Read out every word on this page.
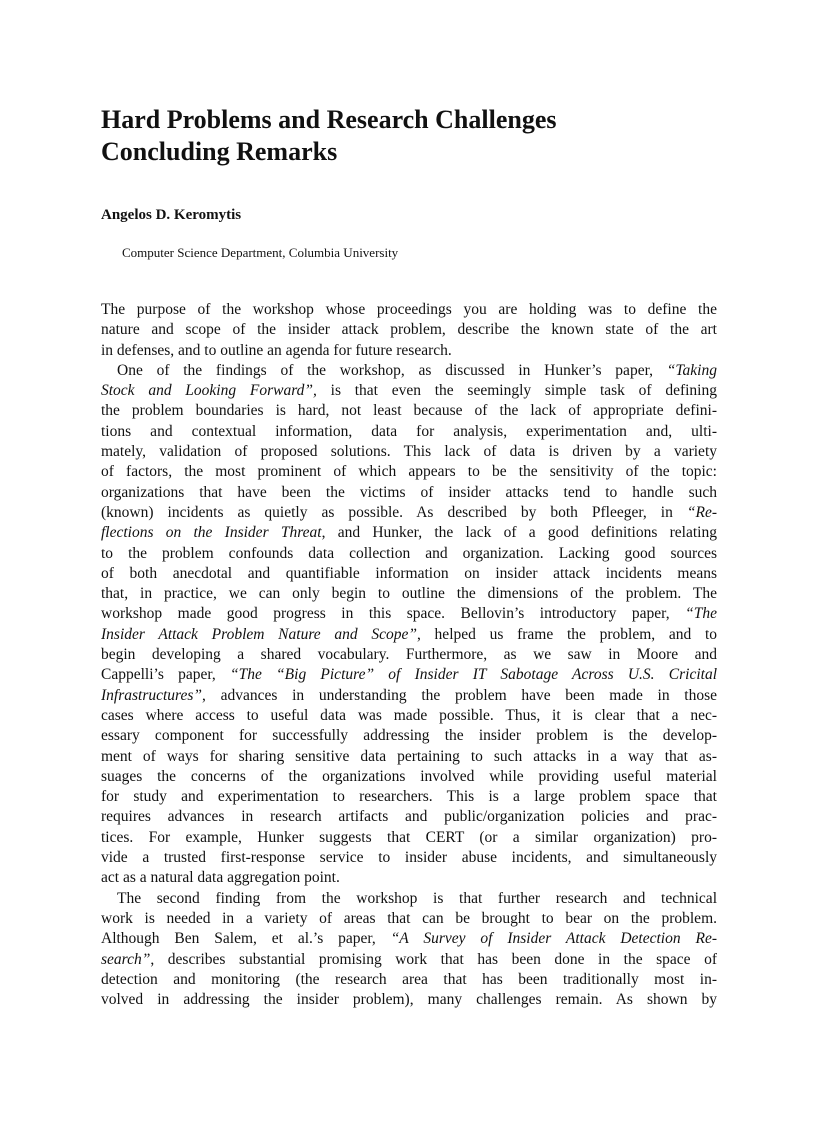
Hard Problems and Research Challenges
Concluding Remarks
Angelos D. Keromytis
Computer Science Department, Columbia University
The purpose of the workshop whose proceedings you are holding was to define the
nature and scope of the insider attack problem, describe the known state of the art
in defenses, and to outline an agenda for future research.
One of the findings of the workshop, as discussed in Hunker’s paper, “Taking
Stock and Looking Forward”, is that even the seemingly simple task of defining
the problem boundaries is hard, not least because of the lack of appropriate defini-
tions and contextual information, data for analysis, experimentation and, ulti-
mately, validation of proposed solutions. This lack of data is driven by a variety
of factors, the most prominent of which appears to be the sensitivity of the topic:
organizations that have been the victims of insider attacks tend to handle such
(known) incidents as quietly as possible. As described by both Pfleeger, in “Re-
flections on the Insider Threat, and Hunker, the lack of a good definitions relating
to the problem confounds data collection and organization. Lacking good sources
of both anecdotal and quantifiable information on insider attack incidents means
that, in practice, we can only begin to outline the dimensions of the problem. The
workshop made good progress in this space. Bellovin’s introductory paper, “The
Insider Attack Problem Nature and Scope”, helped us frame the problem, and to
begin developing a shared vocabulary. Furthermore, as we saw in Moore and
Cappelli’s paper, “The “Big Picture” of Insider IT Sabotage Across U.S. Cricital
Infrastructures”, advances in understanding the problem have been made in those
cases where access to useful data was made possible. Thus, it is clear that a nec-
essary component for successfully addressing the insider problem is the develop-
ment of ways for sharing sensitive data pertaining to such attacks in a way that as-
suages the concerns of the organizations involved while providing useful material
for study and experimentation to researchers. This is a large problem space that
requires advances in research artifacts and public/organization policies and prac-
tices. For example, Hunker suggests that CERT (or a similar organization) pro-
vide a trusted first-response service to insider abuse incidents, and simultaneously
act as a natural data aggregation point.
The second finding from the workshop is that further research and technical
work is needed in a variety of areas that can be brought to bear on the problem.
Although Ben Salem, et al.’s paper, “A Survey of Insider Attack Detection Re-
search”, describes substantial promising work that has been done in the space of
detection and monitoring (the research area that has been traditionally most in-
volved in addressing the insider problem), many challenges remain. As shown by
